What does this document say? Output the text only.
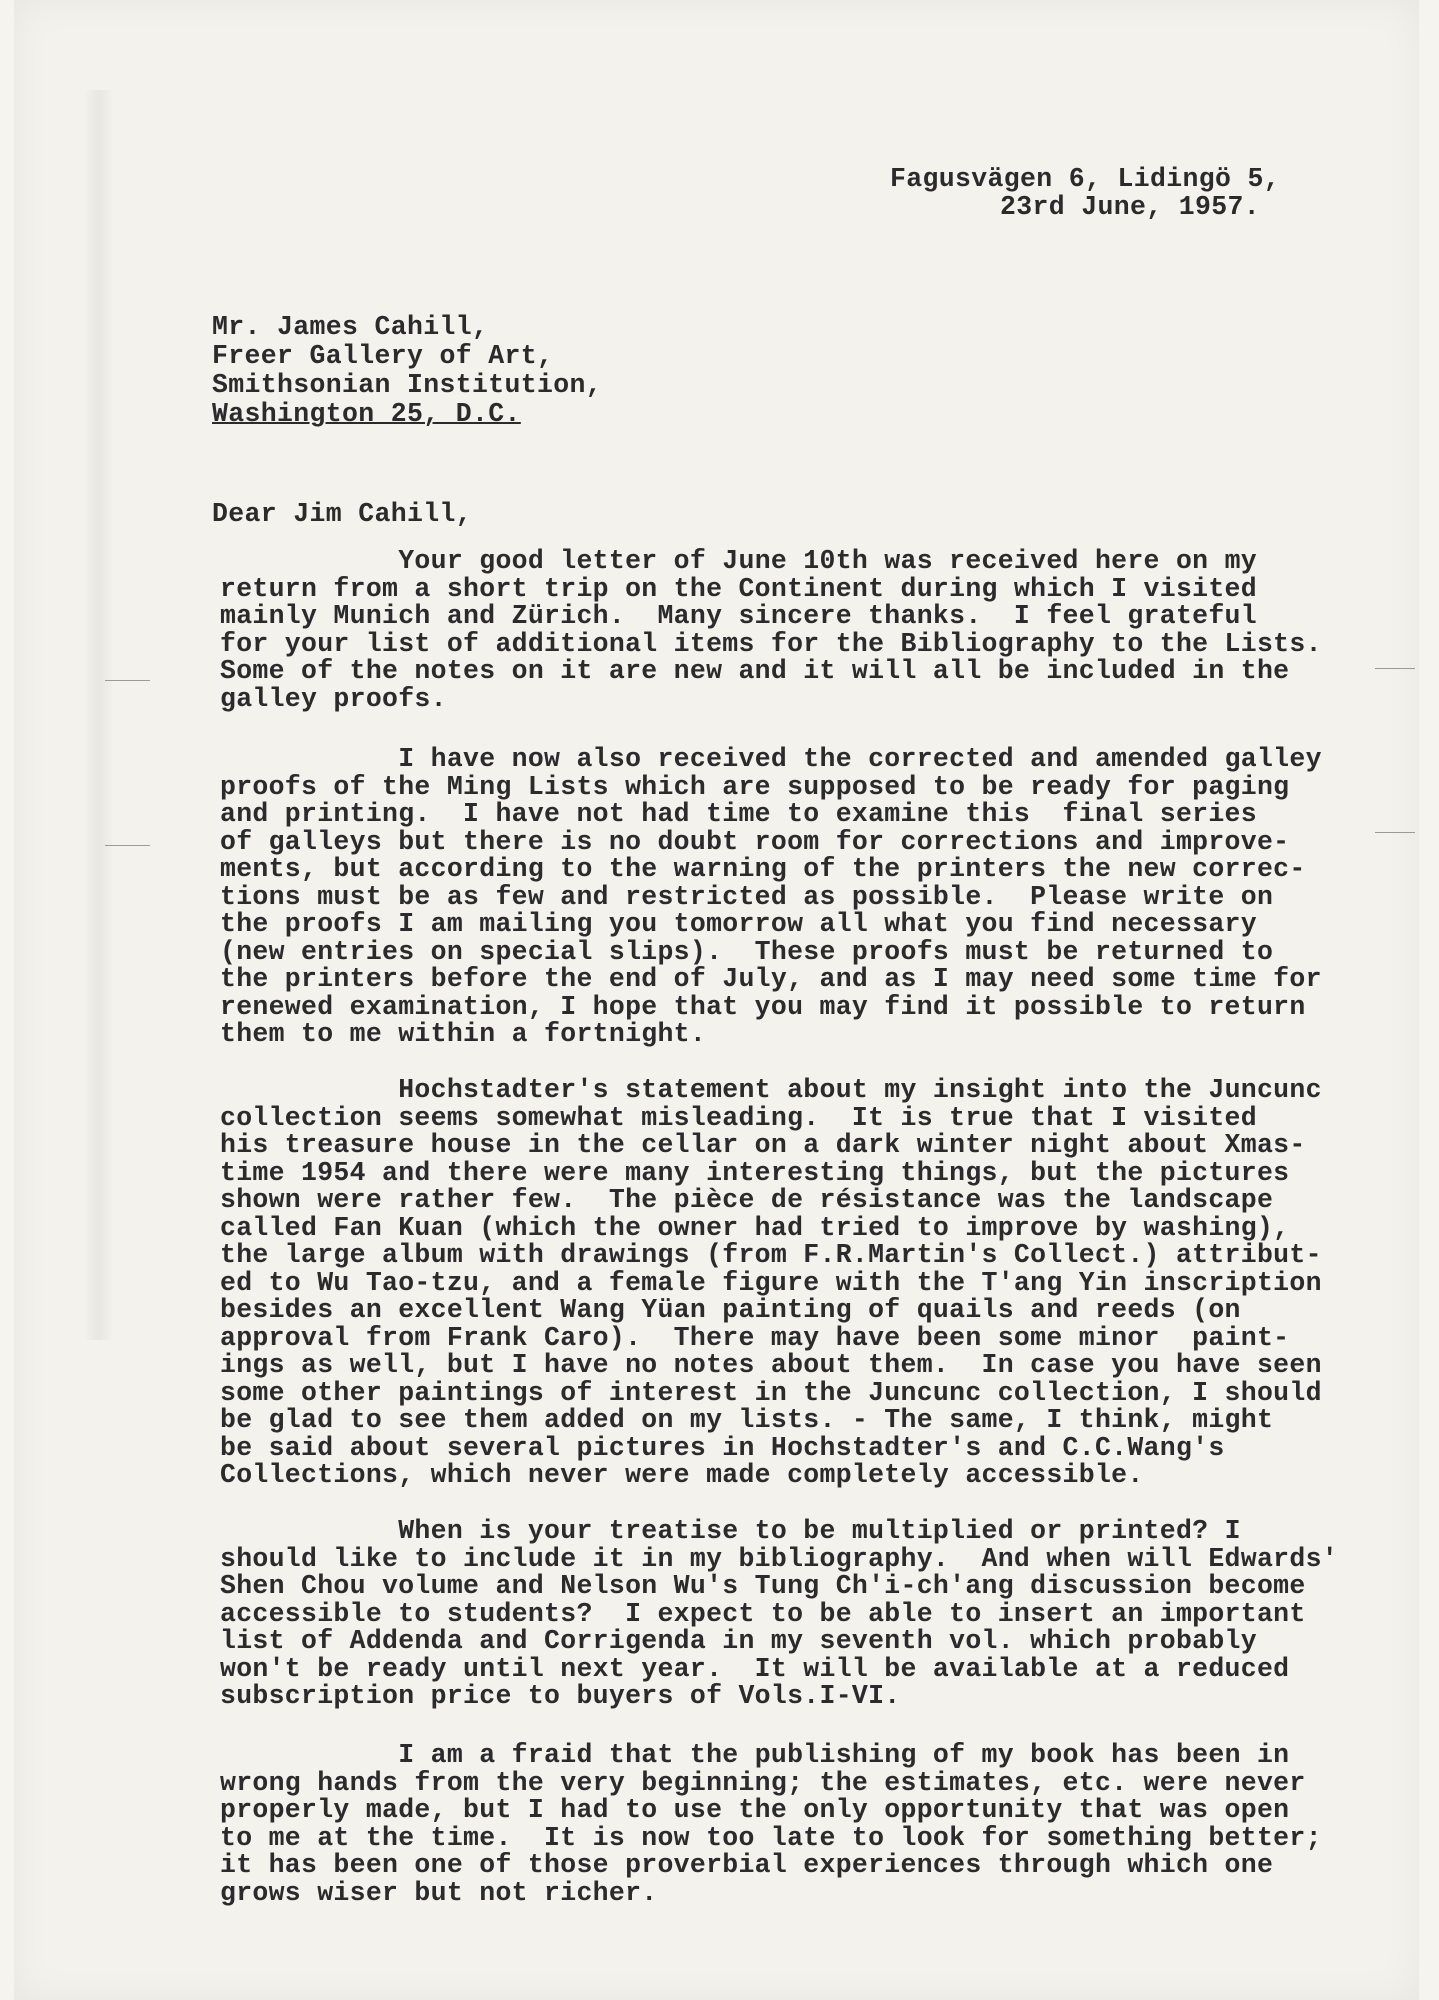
Fagusvägen 6, Lidingö 5,
23rd June, 1957.
Mr. James Cahill,
Freer Gallery of Art,
Smithsonian Institution,
Washington 25, D.C.
Dear Jim Cahill,
Your good letter of June 10th was received here on my
return from a short trip on the Continent during which I visited
mainly Munich and Zürich.  Many sincere thanks.  I feel grateful
for your list of additional items for the Bibliography to the Lists.
Some of the notes on it are new and it will all be included in the
galley proofs.
I have now also received the corrected and amended galley
proofs of the Ming Lists which are supposed to be ready for paging
and printing.  I have not had time to examine this  final series
of galleys but there is no doubt room for corrections and improve-
ments, but according to the warning of the printers the new correc-
tions must be as few and restricted as possible.  Please write on
the proofs I am mailing you tomorrow all what you find necessary
(new entries on special slips).  These proofs must be returned to
the printers before the end of July, and as I may need some time for
renewed examination, I hope that you may find it possible to return
them to me within a fortnight.
Hochstadter's statement about my insight into the Juncunc
collection seems somewhat misleading.  It is true that I visited
his treasure house in the cellar on a dark winter night about Xmas-
time 1954 and there were many interesting things, but the pictures
shown were rather few.  The pièce de résistance was the landscape
called Fan Kuan (which the owner had tried to improve by washing),
the large album with drawings (from F.R.Martin's Collect.) attribut-
ed to Wu Tao-tzu, and a female figure with the T'ang Yin inscription
besides an excellent Wang Yüan painting of quails and reeds (on
approval from Frank Caro).  There may have been some minor  paint-
ings as well, but I have no notes about them.  In case you have seen
some other paintings of interest in the Juncunc collection, I should
be glad to see them added on my lists. - The same, I think, might
be said about several pictures in Hochstadter's and C.C.Wang's
Collections, which never were made completely accessible.
When is your treatise to be multiplied or printed? I
should like to include it in my bibliography.  And when will Edwards'
Shen Chou volume and Nelson Wu's Tung Ch'i-ch'ang discussion become
accessible to students?  I expect to be able to insert an important
list of Addenda and Corrigenda in my seventh vol. which probably
won't be ready until next year.  It will be available at a reduced
subscription price to buyers of Vols.I-VI.
I am a fraid that the publishing of my book has been in
wrong hands from the very beginning; the estimates, etc. were never
properly made, but I had to use the only opportunity that was open
to me at the time.  It is now too late to look for something better;
it has been one of those proverbial experiences through which one
grows wiser but not richer.
